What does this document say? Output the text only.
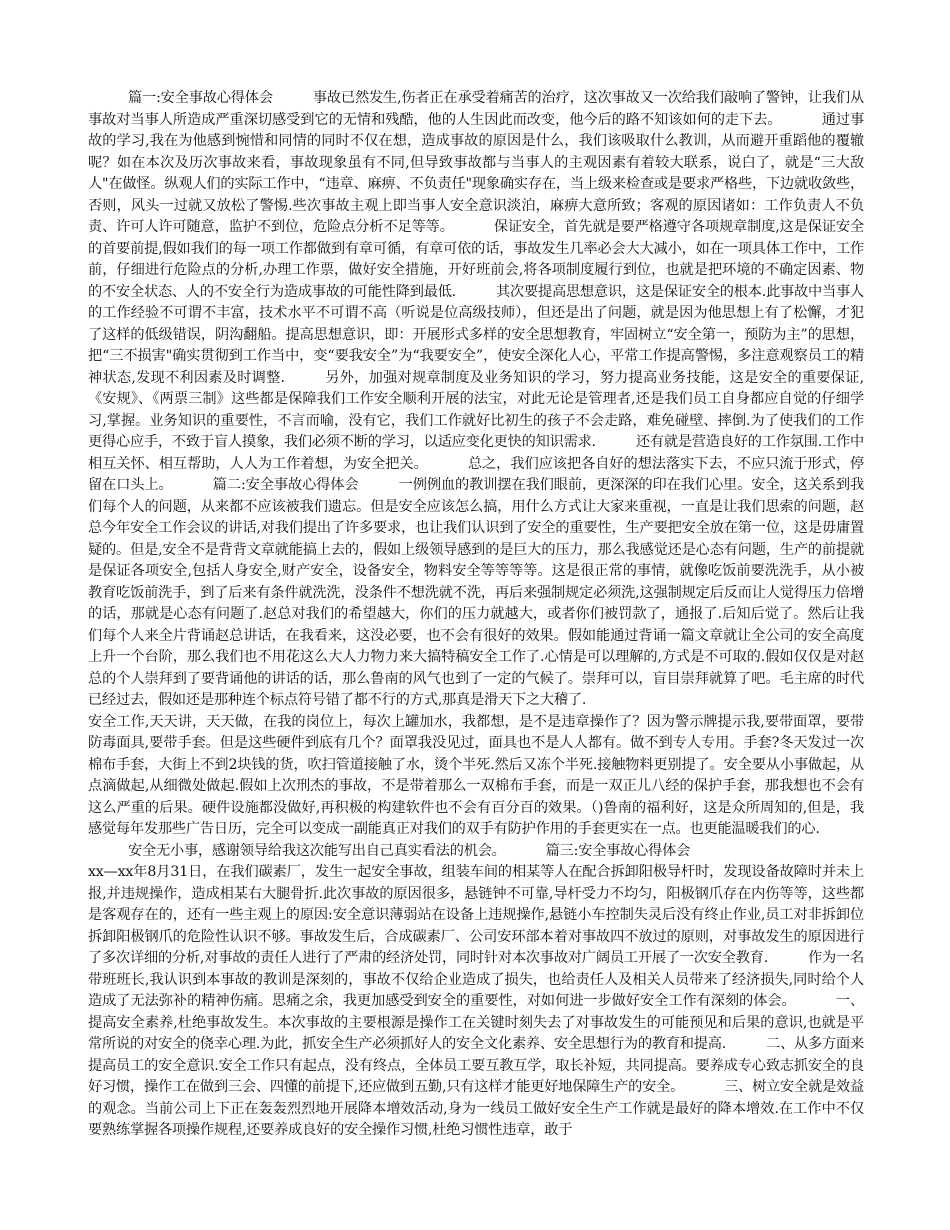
篇一:安全事故心得体会	事故已然发生,伤者正在承受着痛苦的治疗，这次事故又一次给我们敲响了警钟，让我们从事故对当事人所造成严重深切感受到它的无情和残酷，他的人生因此而改变，他今后的路不知该如何的走下去。	通过事故的学习,我在为他感到惋惜和同情的同时不仅在想，造成事故的原因是什么，我们该吸取什么教训，从而避开重蹈他的覆辙呢？如在本次及历次事故来看，事故现象虽有不同,但导致事故都与当事人的主观因素有着较大联系，说白了，就是“三大敌人"在做怪。纵观人们的实际工作中，“违章、麻痹、不负责任"现象确实存在，当上级来检查或是要求严格些，下边就收敛些，否则，风头一过就又放松了警惕.些次事故主观上即当事人安全意识淡泊，麻痹大意所致；客观的原因诸如：工作负责人不负责、许可人许可随意，监护不到位，危险点分析不足等等。	保证安全，首先就是要严格遵守各项规章制度,这是保证安全的首要前提,假如我们的每一项工作都做到有章可循，有章可依的话，事故发生几率必会大大减小，如在一项具体工作中，工作前，仔细进行危险点的分析,办理工作票，做好安全措施，开好班前会,将各项制度履行到位，也就是把环境的不确定因素、物的不安全状态、人的不安全行为造成事故的可能性降到最低.	其次要提高思想意识，这是保证安全的根本.此事故中当事人的工作经验不可谓不丰富，技术水平不可谓不高（听说是位高级技师），但还是出了问题，就是因为他思想上有了松懈，才犯了这样的低级错误，阴沟翻船。提高思想意识，即：开展形式多样的安全思想教育，牢固树立“安全第一，预防为主”的思想，把“三不损害"确实贯彻到工作当中，变“要我安全”为“我要安全”，使安全深化人心，平常工作提高警惕，多注意观察员工的精神状态,发现不利因素及时调整.	另外，加强对规章制度及业务知识的学习，努力提高业务技能，这是安全的重要保证,《安规》、《两票三制》这些都是保障我们工作安全顺利开展的法宝，对此无论是管理者,还是我们员工自身都应自觉的仔细学习,掌握。业务知识的重要性，不言而喻，没有它，我们工作就好比初生的孩子不会走路，难免碰壁、摔倒.为了使我们的工作更得心应手，不致于盲人摸象，我们必须不断的学习，以适应变化更快的知识需求.	还有就是营造良好的工作氛围.工作中相互关怀、相互帮助，人人为工作着想，为安全把关。	总之，我们应该把各自好的想法落实下去，不应只流于形式，停留在口头上。	篇二:安全事故心得体会	一例例血的教训摆在我们眼前，更深深的印在我们心里。安全，这关系到我们每个人的问题，从来都不应该被我们遗忘。但是安全应该怎么搞，用什么方式让大家来重视，一直是让我们思索的问题，赵总今年安全工作会议的讲话,对我们提出了许多要求，也让我们认识到了安全的重要性，生产要把安全放在第一位，这是毋庸置疑的。但是,安全不是背背文章就能搞上去的，假如上级领导感到的是巨大的压力，那么我感觉还是心态有问题，生产的前提就是保证各项安全,包括人身安全,财产安全，设备安全，物料安全等等等等。这是很正常的事情，就像吃饭前要洗洗手，从小被教育吃饭前洗手，到了后来有条件就洗洗，没条件不想洗就不洗，再后来强制规定必须洗,这强制规定后反而让人觉得压力倍增的话，那就是心态有问题了.赵总对我们的希望越大，你们的压力就越大，或者你们被罚款了，通报了.后知后觉了。然后让我们每个人来全片背诵赵总讲话，在我看来，这没必要，也不会有很好的效果。假如能通过背诵一篇文章就让全公司的安全高度上升一个台阶，那么我们也不用花这么大人力物力来大搞特稿安全工作了.心情是可以理解的,方式是不可取的.假如仅仅是对赵总的个人崇拜到了要背诵他的讲话的话，那么鲁南的风气也到了一定的气候了。崇拜可以，盲目崇拜就算了吧。毛主席的时代已经过去，假如还是那种连个标点符号错了都不行的方式,那真是滑天下之大稽了.
安全工作,天天讲，天天做，在我的岗位上，每次上罐加水，我都想，是不是违章操作了？因为警示牌提示我,要带面罩，要带防毒面具,要带手套。但是这些硬件到底有几个？面罩我没见过，面具也不是人人都有。做不到专人专用。手套?冬天发过一次棉布手套，大街上不到2块钱的货，吹扫管道接触了水，烫个半死.然后又冻个半死.接触物料更别提了。安全要从小事做起，从点滴做起,从细微处做起.假如上次刑杰的事故，不是带着那么一双棉布手套，而是一双正儿八经的保护手套，那我想也不会有这么严重的后果。硬件设施都没做好,再积极的构建软件也不会有百分百的效果。（)鲁南的福利好，这是众所周知的,但是，我感觉每年发那些广告日历，完全可以变成一副能真正对我们的双手有防护作用的手套更实在一点。也更能温暖我们的心.
安全无小事，感谢领导给我这次能写出自己真实看法的机会。	篇三:安全事故心得体会
xx—xx年8月31日，在我们碳素厂，发生一起安全事故，组装车间的相某等人在配合拆卸阳极导杆时，发现设备故障时并未上报,并违规操作，造成相某右大腿骨折.此次事故的原因很多，悬链钟不可靠,导杆受力不均匀，阳极钢爪存在内伤等等，这些都是客观存在的，还有一些主观上的原因:安全意识薄弱站在设备上违规操作,悬链小车控制失灵后没有终止作业,员工对非拆卸位拆卸阳极钢爪的危险性认识不够。事故发生后，合成碳素厂、公司安环部本着对事故四不放过的原则，对事故发生的原因进行了多次详细的分析,对事故的责任人进行了严肃的经济处罚，同时针对本次事故对广阔员工开展了一次安全教育.	作为一名带班班长,我认识到本事故的教训是深刻的，事故不仅给企业造成了损失，也给责任人及相关人员带来了经济损失,同时给个人造成了无法弥补的精神伤痛。思痛之余，我更加感受到安全的重要性，对如何进一步做好安全工作有深刻的体会。	一、提高安全素养,杜绝事故发生。本次事故的主要根源是操作工在关键时刻失去了对事故发生的可能预见和后果的意识,也就是平常所说的对安全的侥幸心理.为此，抓安全生产必须抓好人的安全文化素养、安全思想行为的教育和提高.	二、从多方面来提高员工的安全意识.安全工作只有起点，没有终点，全体员工要互教互学，取长补短，共同提高。要养成专心致志抓安全的良好习惯，操作工在做到三会、四懂的前提下,还应做到五勤,只有这样才能更好地保障生产的安全。	三、树立安全就是效益的观念。当前公司上下正在轰轰烈烈地开展降本增效活动,身为一线员工做好安全生产工作就是最好的降本增效.在工作中不仅要熟练掌握各项操作规程,还要养成良好的安全操作习惯,杜绝习惯性违章，敢于
